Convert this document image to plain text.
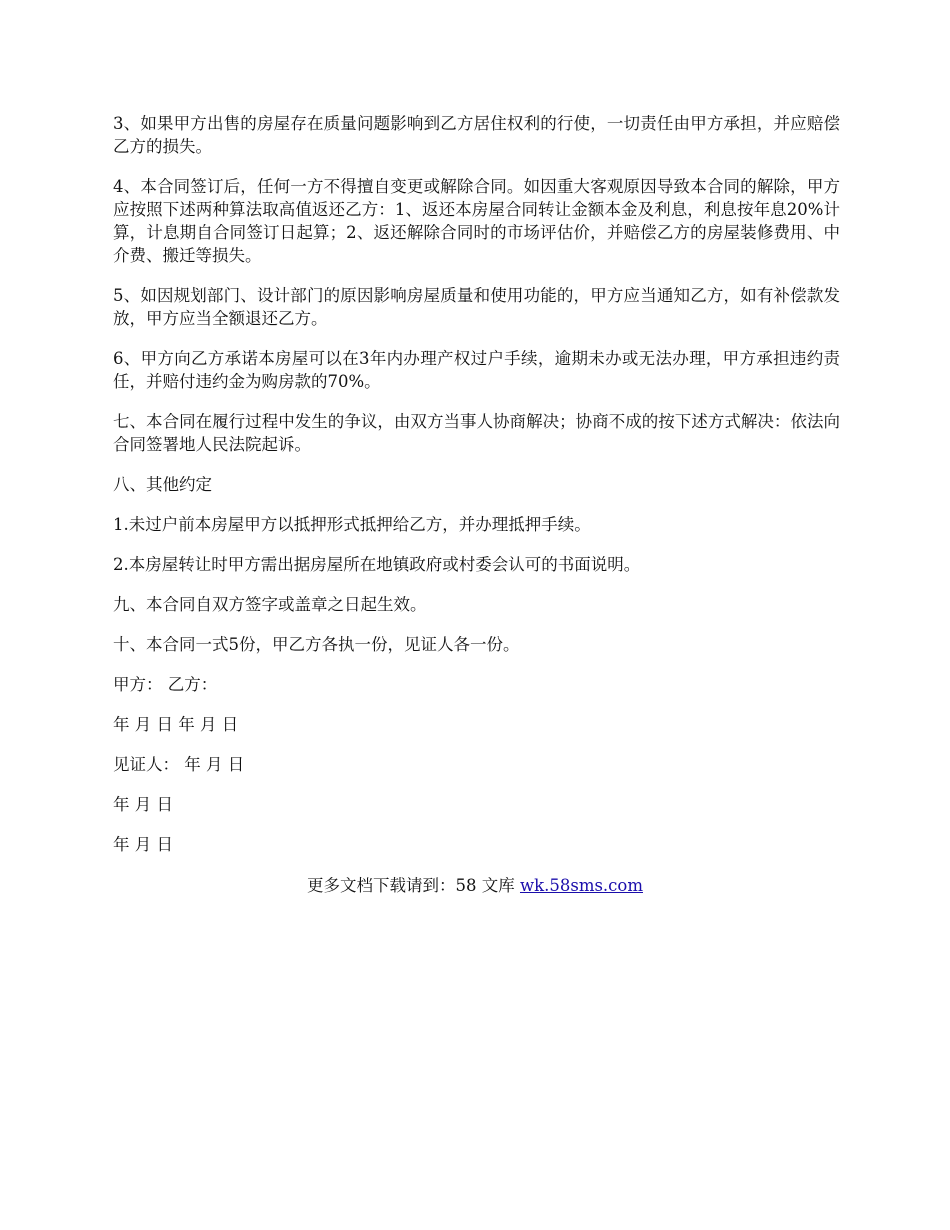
3、如果甲方出售的房屋存在质量问题影响到乙方居住权利的行使，一切责任由甲方承担，并应赔偿乙方的损失。

4、本合同签订后，任何一方不得擅自变更或解除合同。如因重大客观原因导致本合同的解除，甲方应按照下述两种算法取高值返还乙方：1、返还本房屋合同转让金额本金及利息，利息按年息20%计算，计息期自合同签订日起算；2、返还解除合同时的市场评估价，并赔偿乙方的房屋装修费用、中介费、搬迁等损失。

5、如因规划部门、设计部门的原因影响房屋质量和使用功能的，甲方应当通知乙方，如有补偿款发放，甲方应当全额退还乙方。

6、甲方向乙方承诺本房屋可以在3年内办理产权过户手续，逾期未办或无法办理，甲方承担违约责任，并赔付违约金为购房款的70%。

七、本合同在履行过程中发生的争议，由双方当事人协商解决；协商不成的按下述方式解决：依法向合同签署地人民法院起诉。

八、其他约定

1.未过户前本房屋甲方以抵押形式抵押给乙方，并办理抵押手续。

2.本房屋转让时甲方需出据房屋所在地镇政府或村委会认可的书面说明。

九、本合同自双方签字或盖章之日起生效。

十、本合同一式5份，甲乙方各执一份，见证人各一份。

甲方： 乙方：

年 月 日 年 月 日

见证人： 年 月 日

年 月 日

年 月 日

更多文档下载请到：58 文库 wk.58sms.com
